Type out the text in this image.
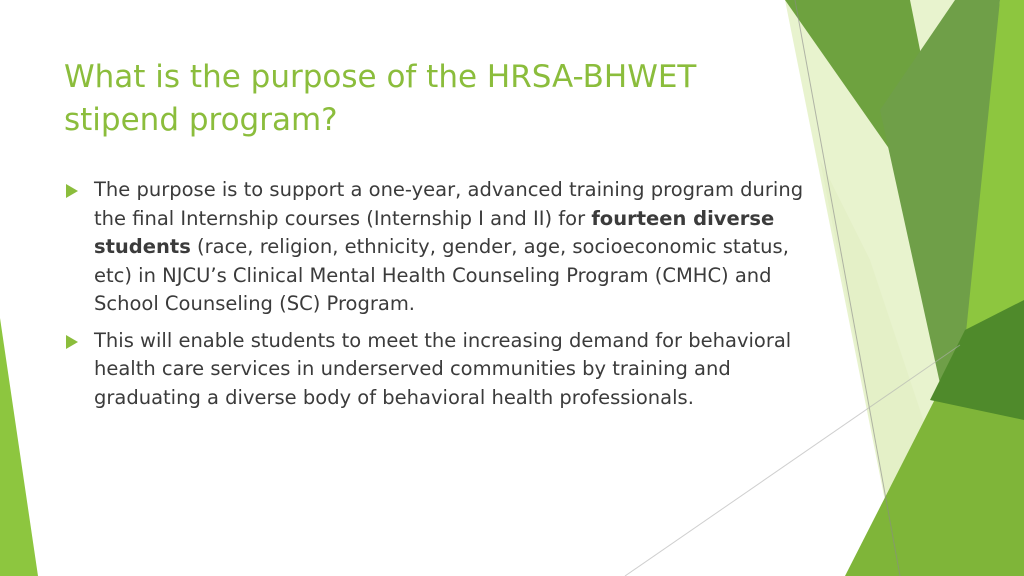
What is the purpose of the HRSA-BHWET
stipend program?
The purpose is to support a one-year, advanced training program during the final Internship courses (Internship I and II) for fourteen diverse students (race, religion, ethnicity, gender, age, socioeconomic status, etc) in NJCU’s Clinical Mental Health Counseling Program (CMHC) and School Counseling (SC) Program.
This will enable students to meet the increasing demand for behavioral health care services in underserved communities by training and graduating a diverse body of behavioral health professionals.
